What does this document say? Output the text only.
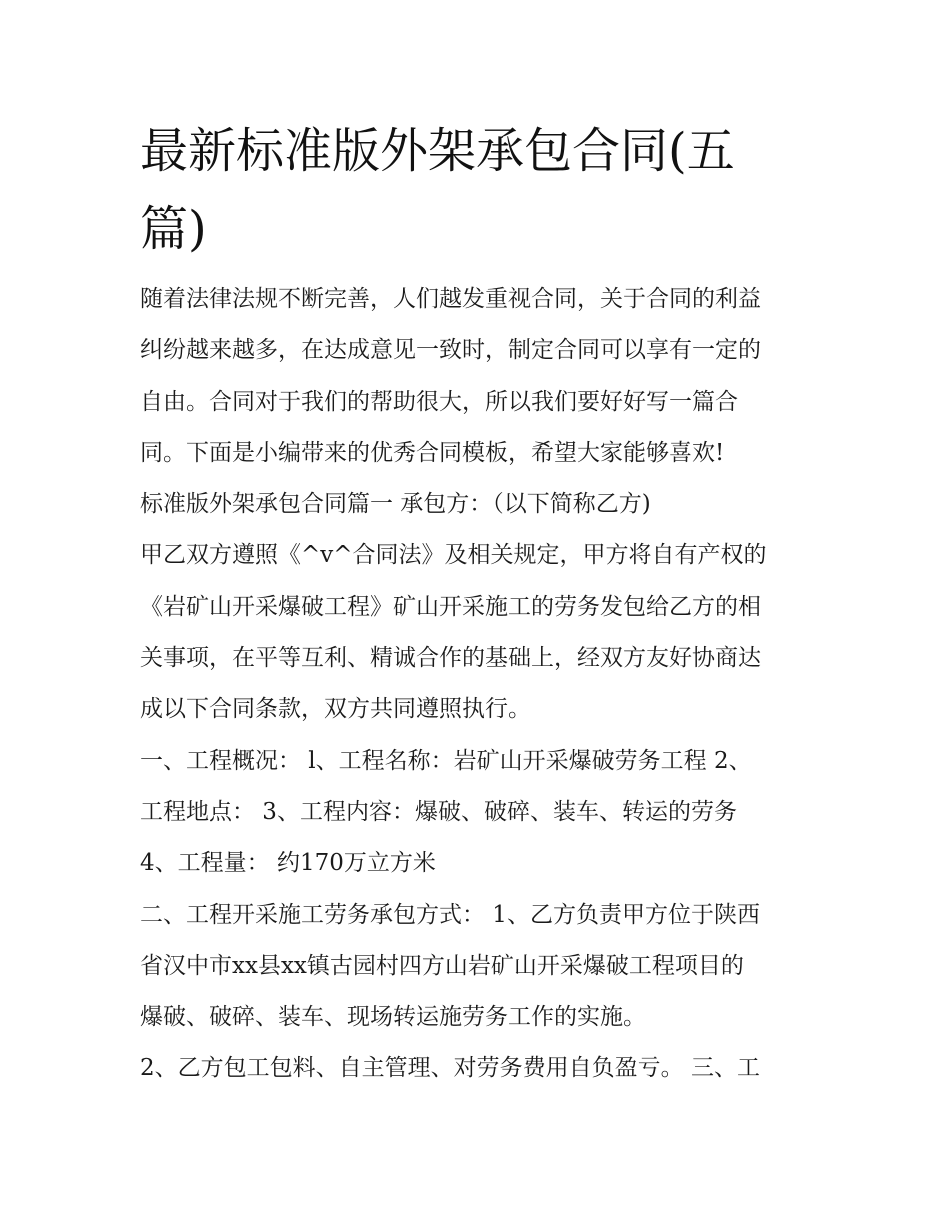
最新标准版外架承包合同(五
篇)
随着法律法规不断完善，人们越发重视合同，关于合同的利益
纠纷越来越多，在达成意见一致时，制定合同可以享有一定的
自由。合同对于我们的帮助很大，所以我们要好好写一篇合
同。下面是小编带来的优秀合同模板，希望大家能够喜欢!
标准版外架承包合同篇一 承包方：（以下简称乙方)
甲乙双方遵照《^v^合同法》及相关规定，甲方将自有产权的
《岩矿山开采爆破工程》矿山开采施工的劳务发包给乙方的相
关事项，在平等互利、精诚合作的基础上，经双方友好协商达
成以下合同条款，双方共同遵照执行。
一、工程概况： l、工程名称：岩矿山开采爆破劳务工程 2、
工程地点： 3、工程内容：爆破、破碎、装车、转运的劳务
4、工程量： 约170万立方米
二、工程开采施工劳务承包方式： 1、乙方负责甲方位于陕西
省汉中市xx县xx镇古园村四方山岩矿山开采爆破工程项目的
爆破、破碎、装车、现场转运施劳务工作的实施。
2、乙方包工包料、自主管理、对劳务费用自负盈亏。 三、工
